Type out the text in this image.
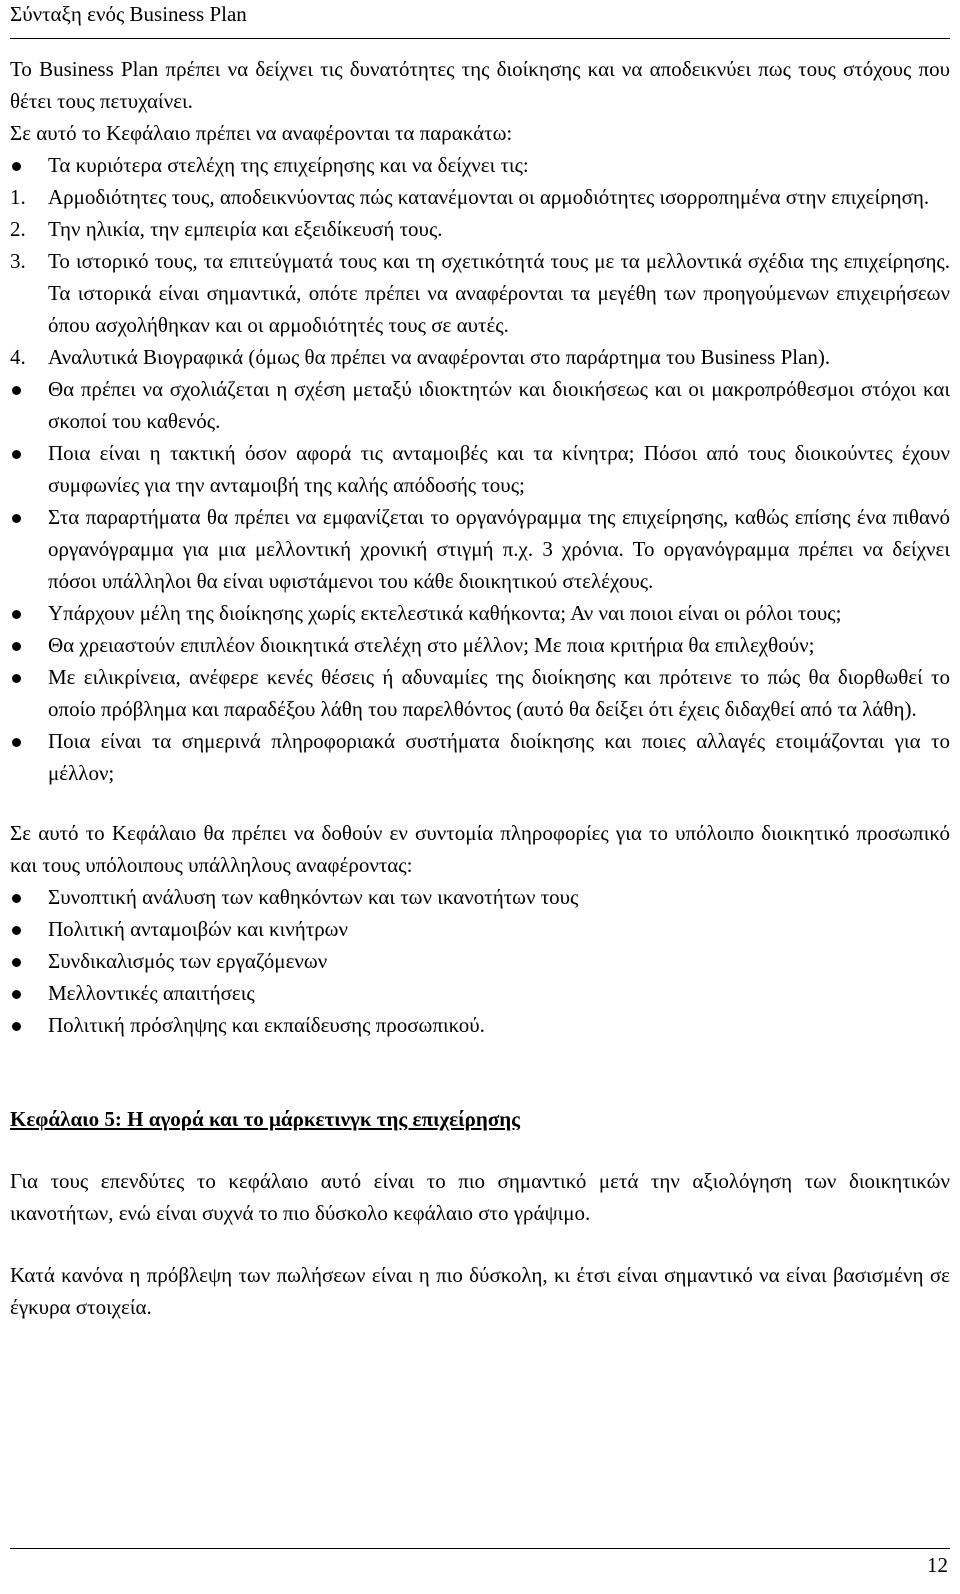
Σύνταξη ενός Business Plan

Το Business Plan πρέπει να δείχνει τις δυνατότητες της διοίκησης και να αποδεικνύει πως τους στόχους που θέτει τους πετυχαίνει.

Σε αυτό το Κεφάλαιο πρέπει να αναφέρονται τα παρακάτω:

Τα κυριότερα στελέχη της επιχείρησης και να δείχνει τις:
1. Αρμοδιότητες τους, αποδεικνύοντας πώς κατανέμονται οι αρμοδιότητες ισορροπημένα στην επιχείρηση.
2. Την ηλικία, την εμπειρία και εξειδίκευσή τους.
3. Το ιστορικό τους, τα επιτεύγματά τους και τη σχετικότητά τους με τα μελλοντικά σχέδια της επιχείρησης. Τα ιστορικά είναι σημαντικά, οπότε πρέπει να αναφέρονται τα μεγέθη των προηγούμενων επιχειρήσεων όπου ασχολήθηκαν και οι αρμοδιότητές τους σε αυτές.
4. Αναλυτικά Βιογραφικά (όμως θα πρέπει να αναφέρονται στο παράρτημα του Business Plan).
Θα πρέπει να σχολιάζεται η σχέση μεταξύ ιδιοκτητών και διοικήσεως και οι μακροπρόθεσμοι στόχοι και σκοποί του καθενός.
Ποια είναι η τακτική όσον αφορά τις ανταμοιβές και τα κίνητρα; Πόσοι από τους διοικούντες έχουν συμφωνίες για την ανταμοιβή της καλής απόδοσής τους;
Στα παραρτήματα θα πρέπει να εμφανίζεται το οργανόγραμμα της επιχείρησης, καθώς επίσης ένα πιθανό οργανόγραμμα για μια μελλοντική χρονική στιγμή π.χ. 3 χρόνια. Το οργανόγραμμα πρέπει να δείχνει πόσοι υπάλληλοι θα είναι υφιστάμενοι του κάθε διοικητικού στελέχους.
Υπάρχουν μέλη της διοίκησης χωρίς εκτελεστικά καθήκοντα; Αν ναι ποιοι είναι οι ρόλοι τους;
Θα χρειαστούν επιπλέον διοικητικά στελέχη στο μέλλον; Με ποια κριτήρια θα επιλεχθούν;
Με ειλικρίνεια, ανέφερε κενές θέσεις ή αδυναμίες της διοίκησης και πρότεινε το πώς θα διορθωθεί το οποίο πρόβλημα και παραδέξου λάθη του παρελθόντος (αυτό θα δείξει ότι έχεις διδαχθεί από τα λάθη).
Ποια είναι τα σημερινά πληροφοριακά συστήματα διοίκησης και ποιες αλλαγές ετοιμάζονται για το μέλλον;

Σε αυτό το Κεφάλαιο θα πρέπει να δοθούν εν συντομία πληροφορίες για το υπόλοιπο διοικητικό προσωπικό και τους υπόλοιπους υπάλληλους αναφέροντας:

Συνοπτική ανάλυση των καθηκόντων και των ικανοτήτων τους
Πολιτική ανταμοιβών και κινήτρων
Συνδικαλισμός των εργαζόμενων
Μελλοντικές απαιτήσεις
Πολιτική πρόσληψης και εκπαίδευσης προσωπικού.

Κεφάλαιο 5: Η αγορά και το μάρκετινγκ της επιχείρησης

Για τους επενδύτες το κεφάλαιο αυτό είναι το πιο σημαντικό μετά την αξιολόγηση των διοικητικών ικανοτήτων, ενώ είναι συχνά το πιο δύσκολο κεφάλαιο στο γράψιμο.

Κατά κανόνα η πρόβλεψη των πωλήσεων είναι η πιο δύσκολη, κι έτσι είναι σημαντικό να είναι βασισμένη σε έγκυρα στοιχεία.

12
